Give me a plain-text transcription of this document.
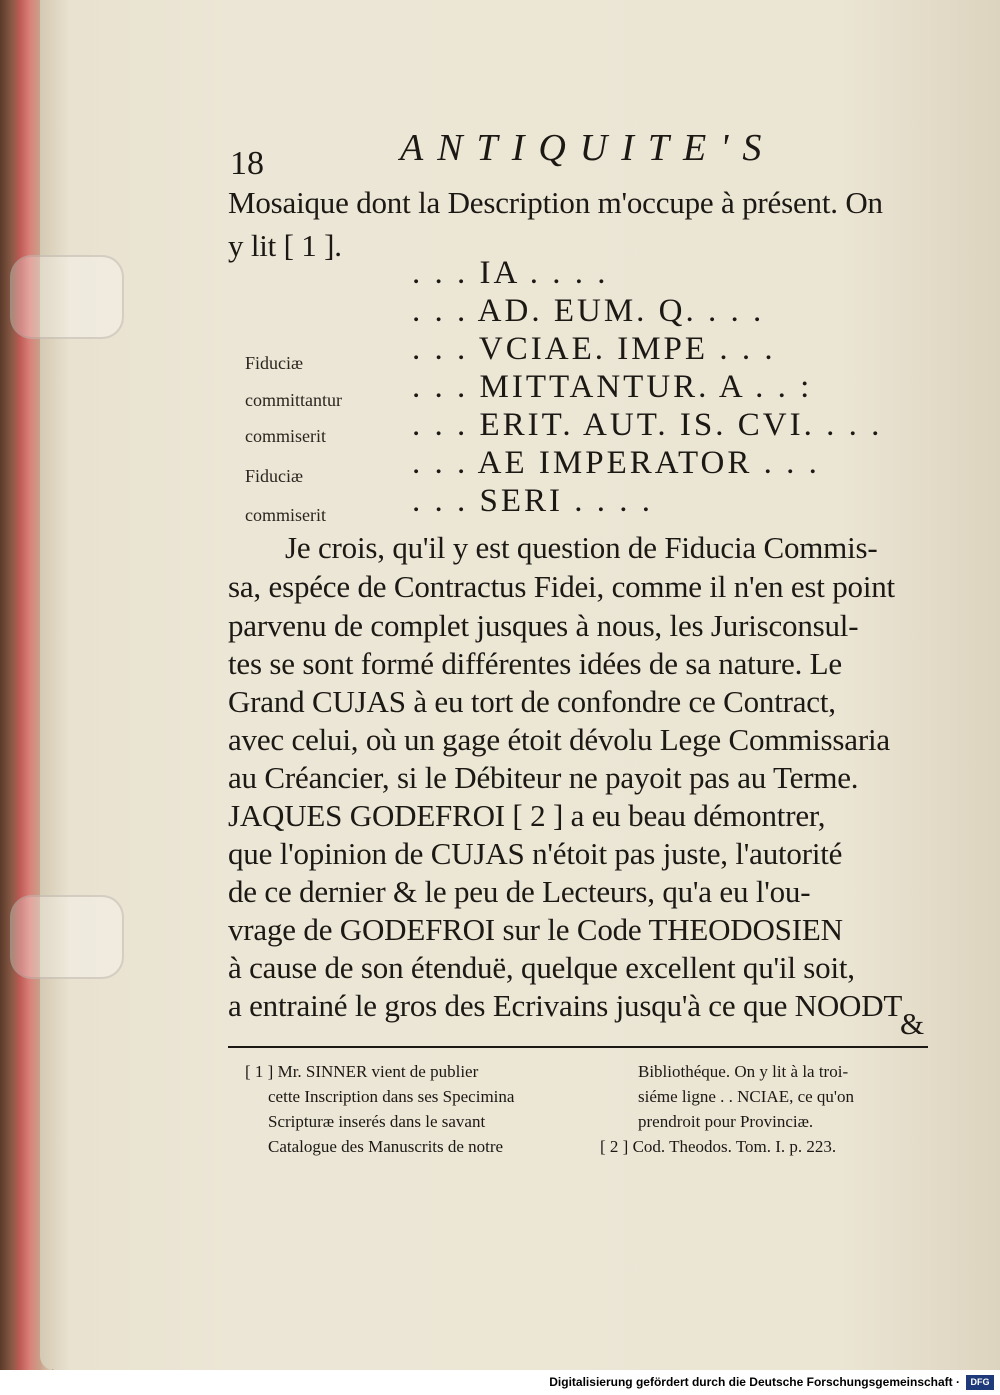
18	ANTIQUITE'S
Mosaique dont la Description m'occupe à présent. On
y lit [ 1 ].
. . . IA . . . .
. . . AD. EUM. Q. . . .
. . . VCIAE. IMPE . . .
. . . MITTANTUR. A . . :
. . . ERIT. AUT. IS. CVI. . . .
. . . AE IMPERATOR . . .
. . . SERI . . . .
Fiduciæ
committantur
commiserit
Fiduciæ
commiserit
Je crois, qu'il y est question de Fiducia Commis-
sa, espéce de Contractus Fidei, comme il n'en est point
parvenu de complet jusques à nous, les Jurisconsul-
tes se sont formé différentes idées de sa nature. Le
Grand CUJAS à eu tort de confondre ce Contract,
avec celui, où un gage étoit dévolu Lege Commissaria
au Créancier, si le Débiteur ne payoit pas au Terme.
JAQUES GODEFROI [ 2 ] a eu beau démontrer,
que l'opinion de CUJAS n'étoit pas juste, l'autorité
de ce dernier & le peu de Lecteurs, qu'a eu l'ou-
vrage de GODEFROI sur le Code THEODOSIEN
à cause de son étenduë, quelque excellent qu'il soit,
a entrainé le gros des Ecrivains jusqu'à ce que NOODT
&
[ 1 ] Mr. SINNER vient de publier
cette Inscription dans ses Specimina
Scripturæ inserés dans le savant
Catalogue des Manuscrits de notre
Bibliothéque. On y lit à la troi-
siéme ligne . . NCIAE, ce qu'on
prendroit pour Provinciæ.
[ 2 ] Cod. Theodos. Tom. I. p. 223.
Digitalisierung gefördert durch die Deutsche Forschungsgemeinschaft ·	DFG
